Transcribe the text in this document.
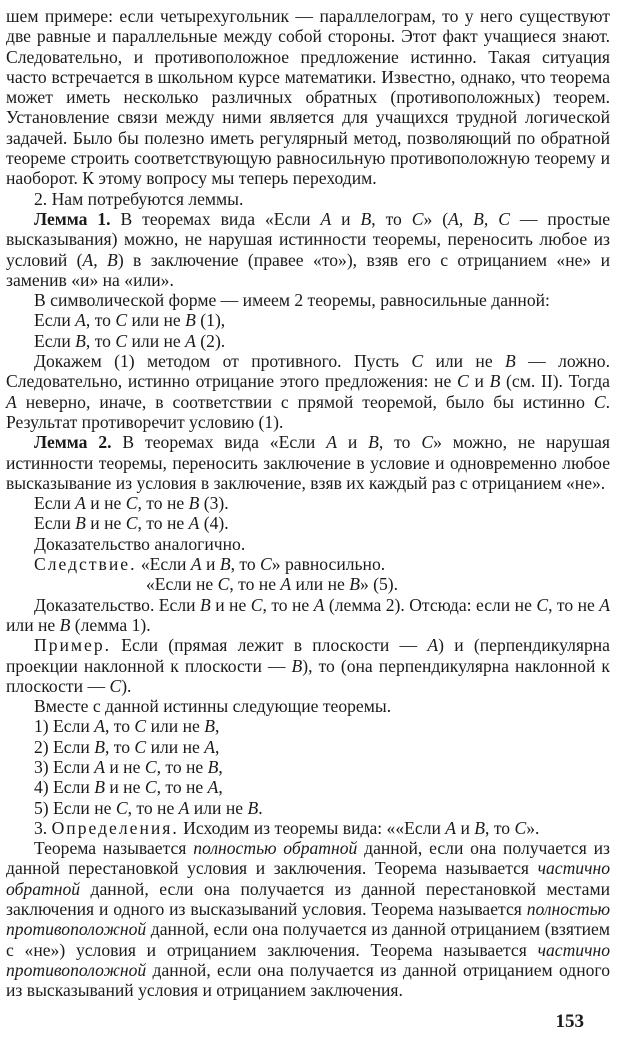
шем примере: если четырехугольник — параллелограм, то у него существуют две равные и параллельные между собой стороны. Этот факт учащиеся знают. Следовательно, и противоположное предложение истинно. Такая ситуация часто встречается в школьном курсе математики. Известно, однако, что теорема может иметь несколько различных обратных (противоположных) теорем. Установление связи между ними является для учащихся трудной логической задачей. Было бы полезно иметь регулярный метод, позволяющий по обратной теореме строить соответствующую равносильную противоположную теорему и наоборот. К этому вопросу мы теперь переходим.

2. Нам потребуются леммы.

Лемма 1. В теоремах вида «Если A и B, то C» (A, B, C — простые высказывания) можно, не нарушая истинности теоремы, переносить любое из условий (A, B) в заключение (правее «то»), взяв его с отрицанием «не» и заменив «и» на «или».

В символической форме — имеем 2 теоремы, равносильные данной:

Если A, то C или не B (1),

Если B, то C или не A (2).

Докажем (1) методом от противного. Пусть C или не B — ложно. Следовательно, истинно отрицание этого предложения: не C и B (см. II). Тогда A неверно, иначе, в соответствии с прямой теоремой, было бы истинно C. Результат противоречит условию (1).

Лемма 2. В теоремах вида «Если A и B, то C» можно, не нарушая истинности теоремы, переносить заключение в условие и одновременно любое высказывание из условия в заключение, взяв их каждый раз с отрицанием «не».

Если A и не C, то не B (3).

Если B и не C, то не A (4).

Доказательство аналогично.

Следствие. «Если A и B, то C» равносильно.

«Если не C, то не A или не B» (5).

Доказательство. Если B и не C, то не A (лемма 2). Отсюда: если не C, то не A или не B (лемма 1).

Пример. Если (прямая лежит в плоскости — A) и (перпендикулярна проекции наклонной к плоскости — B), то (она перпендикулярна наклонной к плоскости — C).

Вместе с данной истинны следующие теоремы.

1) Если A, то C или не B,

2) Если B, то C или не A,

3) Если A и не C, то не B,

4) Если B и не C, то не A,

5) Если не C, то не A или не B.

3. Определения. Исходим из теоремы вида: ««Если A и B, то C».

Теорема называется полностью обратной данной, если она получается из данной перестановкой условия и заключения. Теорема называется частично обратной данной, если она получается из данной перестановкой местами заключения и одного из высказываний условия. Теорема называется полностью противоположной данной, если она получается из данной отрицанием (взятием с «не») условия и отрицанием заключения. Теорема называется частично противоположной данной, если она получается из данной отрицанием одного из высказываний условия и отрицанием заключения.

153
